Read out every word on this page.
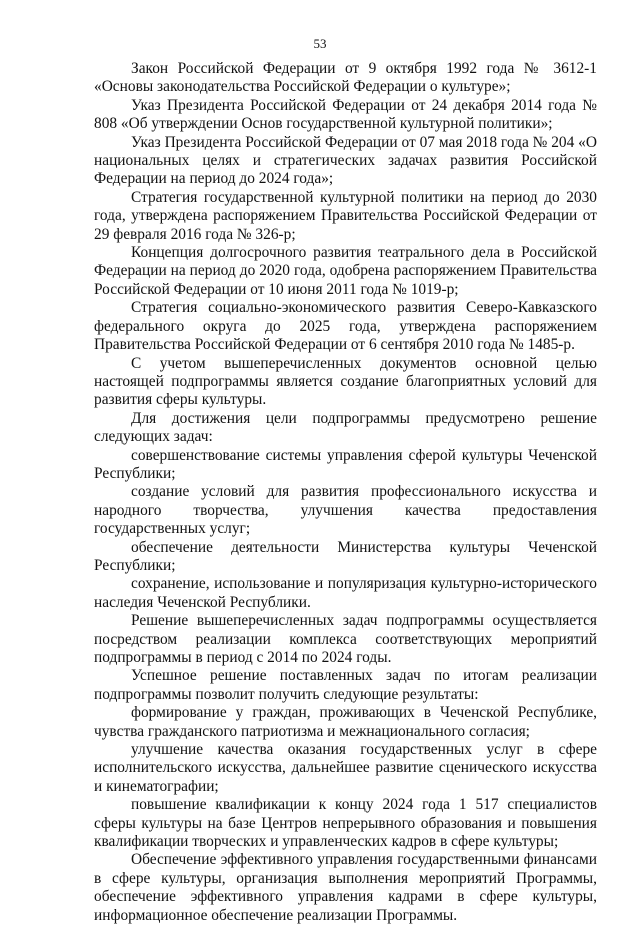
53

Закон Российской Федерации от 9 октября 1992 года № 3612-1 «Основы законодательства Российской Федерации о культуре»;

Указ Президента Российской Федерации от 24 декабря 2014 года № 808 «Об утверждении Основ государственной культурной политики»;

Указ Президента Российской Федерации от 07 мая 2018 года № 204 «О национальных целях и стратегических задачах развития Российской Федерации на период до 2024 года»;

Стратегия государственной культурной политики на период до 2030 года, утверждена распоряжением Правительства Российской Федерации от 29 февраля 2016 года № 326-р;

Концепция долгосрочного развития театрального дела в Российской Федерации на период до 2020 года, одобрена распоряжением Правительства Российской Федерации от 10 июня 2011 года № 1019-р;

Стратегия социально-экономического развития Северо-Кавказского федерального округа до 2025 года, утверждена распоряжением Правительства Российской Федерации от 6 сентября 2010 года № 1485-р.

С учетом вышеперечисленных документов основной целью настоящей подпрограммы является создание благоприятных условий для развития сферы культуры.

Для достижения цели подпрограммы предусмотрено решение следующих задач:

совершенствование системы управления сферой культуры Чеченской Республики;

создание условий для развития профессионального искусства и народного творчества, улучшения качества предоставления государственных услуг;

обеспечение деятельности Министерства культуры Чеченской Республики;

сохранение, использование и популяризация культурно-исторического наследия Чеченской Республики.

Решение вышеперечисленных задач подпрограммы осуществляется посредством реализации комплекса соответствующих мероприятий подпрограммы в период с 2014 по 2024 годы.

Успешное решение поставленных задач по итогам реализации подпрограммы позволит получить следующие результаты:

формирование у граждан, проживающих в Чеченской Республике, чувства гражданского патриотизма и межнационального согласия;

улучшение качества оказания государственных услуг в сфере исполнительского искусства, дальнейшее развитие сценического искусства и кинематографии;

повышение квалификации к концу 2024 года 1 517 специалистов сферы культуры на базе Центров непрерывного образования и повышения квалификации творческих и управленческих кадров в сфере культуры;

Обеспечение эффективного управления государственными финансами в сфере культуры, организация выполнения мероприятий Программы, обеспечение эффективного управления кадрами в сфере культуры, информационное обеспечение реализации Программы.
